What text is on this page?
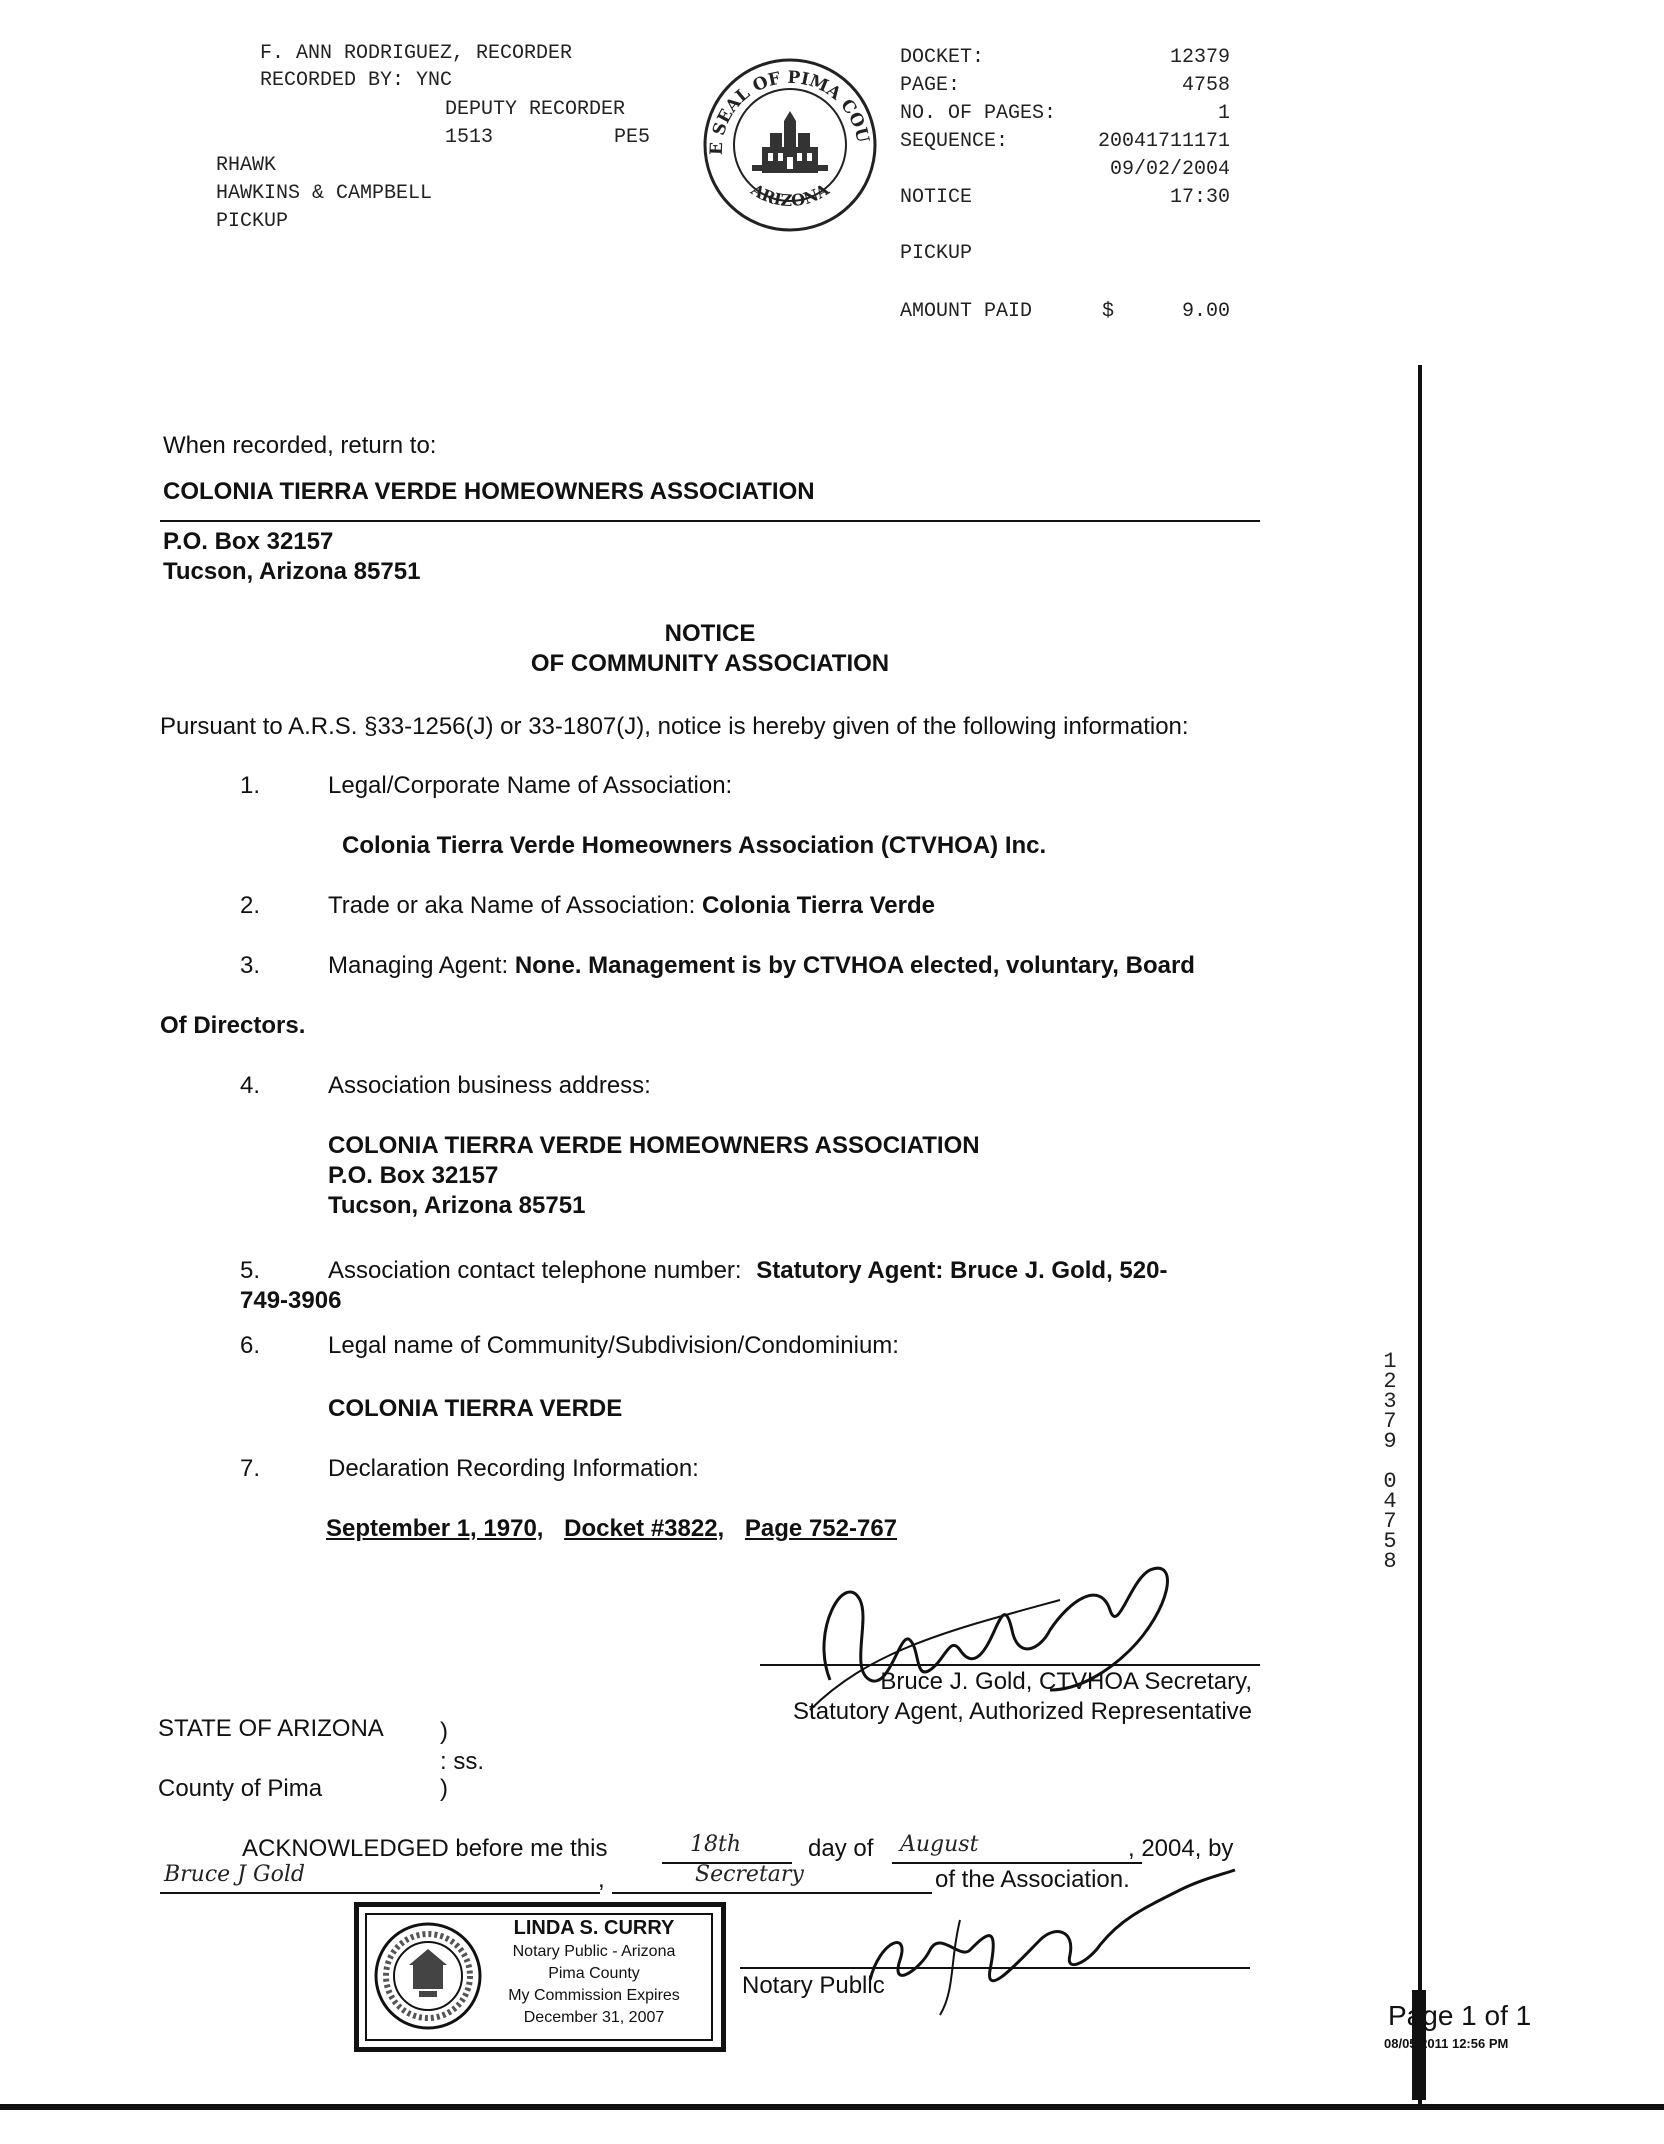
F. ANN RODRIGUEZ, RECORDER
RECORDED BY: YNC
DEPUTY RECORDER
1513	PE5
RHAWK
HAWKINS & CAMPBELL
PICKUP
E SEAL OF PIMA COU
ARIZONA
DOCKET:	12379
PAGE:	4758
NO. OF PAGES:	1
SEQUENCE:	20041711171
09/02/2004
NOTICE	17:30
PICKUP
AMOUNT PAID	$	9.00
When recorded, return to:
COLONIA TIERRA VERDE HOMEOWNERS ASSOCIATION
P.O. Box 32157
Tucson, Arizona 85751
NOTICE
OF COMMUNITY ASSOCIATION
Pursuant to A.R.S. §33-1256(J) or 33-1807(J), notice is hereby given of the following information:
1.	Legal/Corporate Name of Association:
Colonia Tierra Verde Homeowners Association (CTVHOA) Inc.
2.	Trade or aka Name of Association: Colonia Tierra Verde
3.	Managing Agent: None. Management is by CTVHOA elected, voluntary, Board
Of Directors.
4.	Association business address:
COLONIA TIERRA VERDE HOMEOWNERS ASSOCIATION
P.O. Box 32157
Tucson, Arizona 85751
5.	Association contact telephone number: Statutory Agent: Bruce J. Gold, 520-
749-3906
6.	Legal name of Community/Subdivision/Condominium:
COLONIA TIERRA VERDE
7.	Declaration Recording Information:
September 1, 1970, Docket #3822, Page 752-767
Bruce J. Gold, CTVHOA Secretary,
Statutory Agent, Authorized Representative
STATE OF ARIZONA )
: ss.
County of Pima	)
ACKNOWLEDGED before me this	18th	day of August	, 2004, by
Bruce J Gold	,	Secretary	of the Association.
LINDA S. CURRY
Notary Public - Arizona
Pima County
My Commission Expires
December 31, 2007
Notary Public
1
2
3
7
9
0
4
7
5
8
Page 1 of 1
08/05/2011 12:56 PM
